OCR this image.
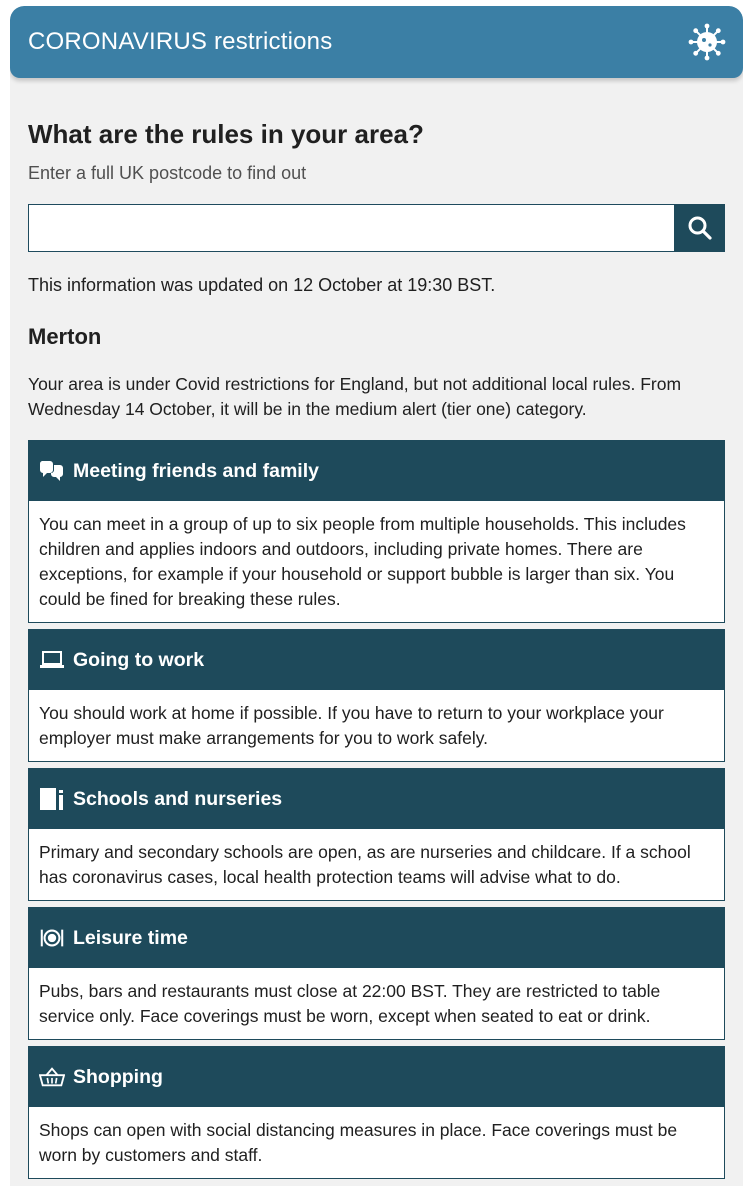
CORONAVIRUS restrictions
What are the rules in your area?
Enter a full UK postcode to find out
This information was updated on 12 October at 19:30 BST.
Merton
Your area is under Covid restrictions for England, but not additional local rules. From Wednesday 14 October, it will be in the medium alert (tier one) category.
Meeting friends and family
You can meet in a group of up to six people from multiple households. This includes children and applies indoors and outdoors, including private homes. There are exceptions, for example if your household or support bubble is larger than six. You could be fined for breaking these rules.
Going to work
You should work at home if possible. If you have to return to your workplace your employer must make arrangements for you to work safely.
Schools and nurseries
Primary and secondary schools are open, as are nurseries and childcare. If a school has coronavirus cases, local health protection teams will advise what to do.
Leisure time
Pubs, bars and restaurants must close at 22:00 BST. They are restricted to table service only. Face coverings must be worn, except when seated to eat or drink.
Shopping
Shops can open with social distancing measures in place. Face coverings must be worn by customers and staff.
